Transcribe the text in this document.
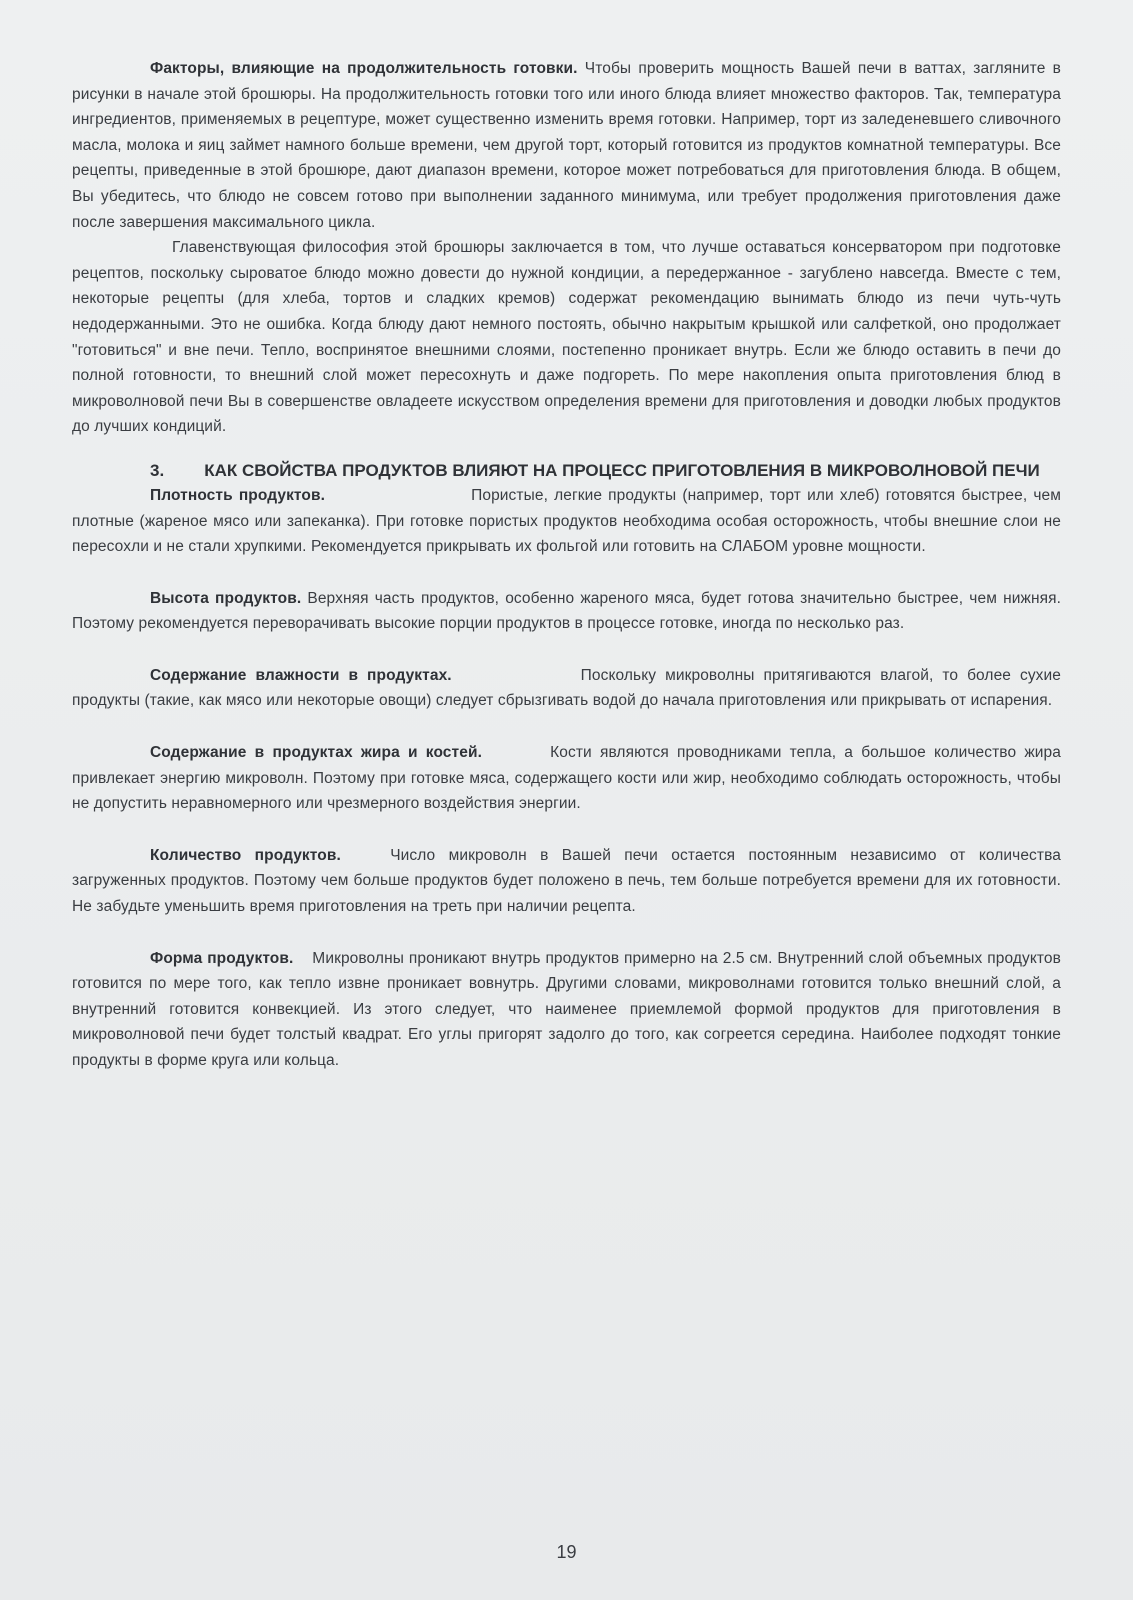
Факторы, влияющие на продолжительность готовки. Чтобы проверить мощность Вашей печи в ваттах, загляните в рисунки в начале этой брошюры. На продолжительность готовки того или иного блюда влияет множество факторов. Так, температура ингредиентов, применяемых в рецептуре, может существенно изменить время готовки. Например, торт из заледеневшего сливочного масла, молока и яиц займет намного больше времени, чем другой торт, который готовится из продуктов комнатной температуры. Все рецепты, приведенные в этой брошюре, дают диапазон времени, которое может потребоваться для приготовления блюда. В общем, Вы убедитесь, что блюдо не совсем готово при выполнении заданного минимума, или требует продолжения приготовления даже после завершения максимального цикла.

Главенствующая философия этой брошюры заключается в том, что лучше оставаться консерватором при подготовке рецептов, поскольку сыроватое блюдо можно довести до нужной кондиции, а передержанное - загублено навсегда. Вместе с тем, некоторые рецепты (для хлеба, тортов и сладких кремов) содержат рекомендацию вынимать блюдо из печи чуть-чуть недодержанными. Это не ошибка. Когда блюду дают немного постоять, обычно накрытым крышкой или салфеткой, оно продолжает "готовиться" и вне печи. Тепло, воспринятое внешними слоями, постепенно проникает внутрь. Если же блюдо оставить в печи до полной готовности, то внешний слой может пересохнуть и даже подгореть. По мере накопления опыта приготовления блюд в микроволновой печи Вы в совершенстве овладеете искусством определения времени для приготовления и доводки любых продуктов до лучших кондиций.

3. КАК СВОЙСТВА ПРОДУКТОВ ВЛИЯЮТ НА ПРОЦЕСС ПРИГОТОВЛЕНИЯ В МИКРОВОЛНОВОЙ ПЕЧИ

Плотность продуктов.	Пористые, легкие продукты (например, торт или хлеб) готовятся быстрее, чем плотные (жареное мясо или запеканка). При готовке пористых продуктов необходима особая осторожность, чтобы внешние слои не пересохли и не стали хрупкими. Рекомендуется прикрывать их фольгой или готовить на СЛАБОМ уровне мощности.

Высота продуктов. Верхняя часть продуктов, особенно жареного мяса, будет готова значительно быстрее, чем нижняя. Поэтому рекомендуется переворачивать высокие порции продуктов в процессе готовке, иногда по несколько раз.

Содержание влажности в продуктах.	Поскольку микроволны притягиваются влагой, то более сухие продукты (такие, как мясо или некоторые овощи) следует сбрызгивать водой до начала приготовления или прикрывать от испарения.

Содержание в продуктах жира и костей.	Кости являются проводниками тепла, а большое количество жира привлекает энергию микроволн. Поэтому при готовке мяса, содержащего кости или жир, необходимо соблюдать осторожность, чтобы не допустить неравномерного или чрезмерного воздействия энергии.

Количество продуктов. Число микроволн в Вашей печи остается постоянным независимо от количества загруженных продуктов. Поэтому чем больше продуктов будет положено в печь, тем больше потребуется времени для их готовности. Не забудьте уменьшить время приготовления на треть при наличии рецепта.

Форма продуктов. Микроволны проникают внутрь продуктов примерно на 2.5 см. Внутренний слой объемных продуктов готовится по мере того, как тепло извне проникает вовнутрь. Другими словами, микроволнами готовится только внешний слой, а внутренний готовится конвекцией. Из этого следует, что наименее приемлемой формой продуктов для приготовления в микроволновой печи будет толстый квадрат. Его углы пригорят задолго до того, как согреется середина. Наиболее подходят тонкие продукты в форме круга или кольца.

19
